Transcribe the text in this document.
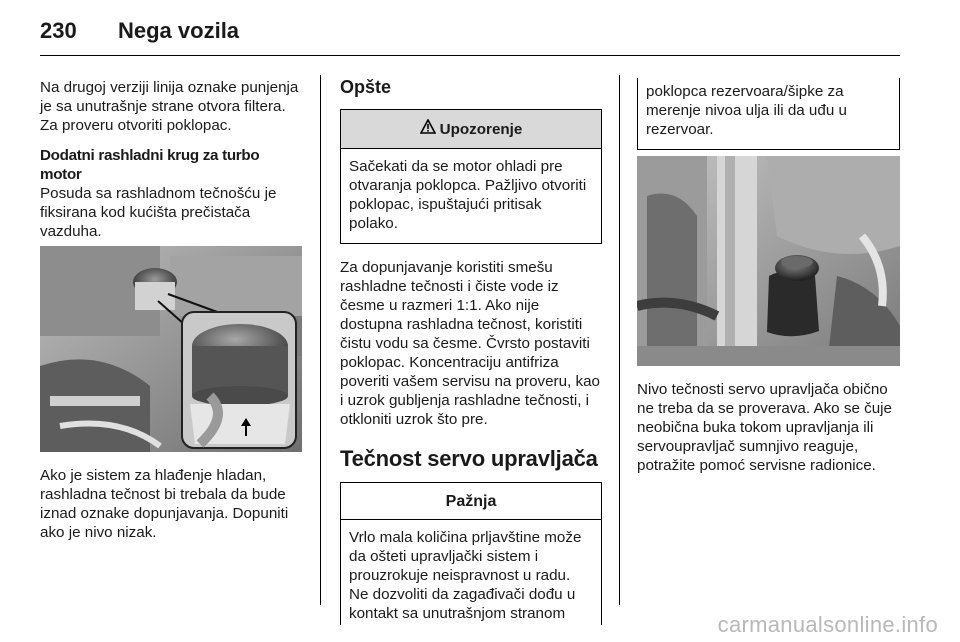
230 Nega vozila

Na drugoj verziji linija oznake punjenja je sa unutrašnje strane otvora filtera. Za proveru otvoriti poklopac.

Dodatni rashladni krug za turbo motor

Posuda sa rashladnom tečnošću je fiksirana kod kućišta prečistača vazduha.

Ako je sistem za hlađenje hladan, rashladna tečnost bi trebala da bude iznad oznake dopunjavanja. Dopuniti ako je nivo nizak.

Opšte
Upozorenje
Sačekati da se motor ohladi pre otvaranja poklopca. Pažljivo otvoriti poklopac, ispuštajući pritisak polako.

Za dopunjavanje koristiti smešu rashladne tečnosti i čiste vode iz česme u razmeri 1:1. Ako nije dostupna rashladna tečnost, koristiti čistu vodu sa česme. Čvrsto postaviti poklopac. Koncentraciju antifriza poveriti vašem servisu na proveru, kao i uzrok gubljenja rashladne tečnosti, i otkloniti uzrok što pre.

Tečnost servo upravljača
Pažnja
Vrlo mala količina prljavštine može da ošteti upravljački sistem i prouzrokuje neispravnost u radu. Ne dozvoliti da zagađivači dođu u kontakt sa unutrašnjom stranom
poklopca rezervoara/šipke za merenje nivoa ulja ili da uđu u rezervoar.

Nivo tečnosti servo upravljača obično ne treba da se proverava. Ako se čuje neobična buka tokom upravljanja ili servoupravljač sumnjivo reaguje, potražite pomoć servisne radionice.

carmanualsonline.info
